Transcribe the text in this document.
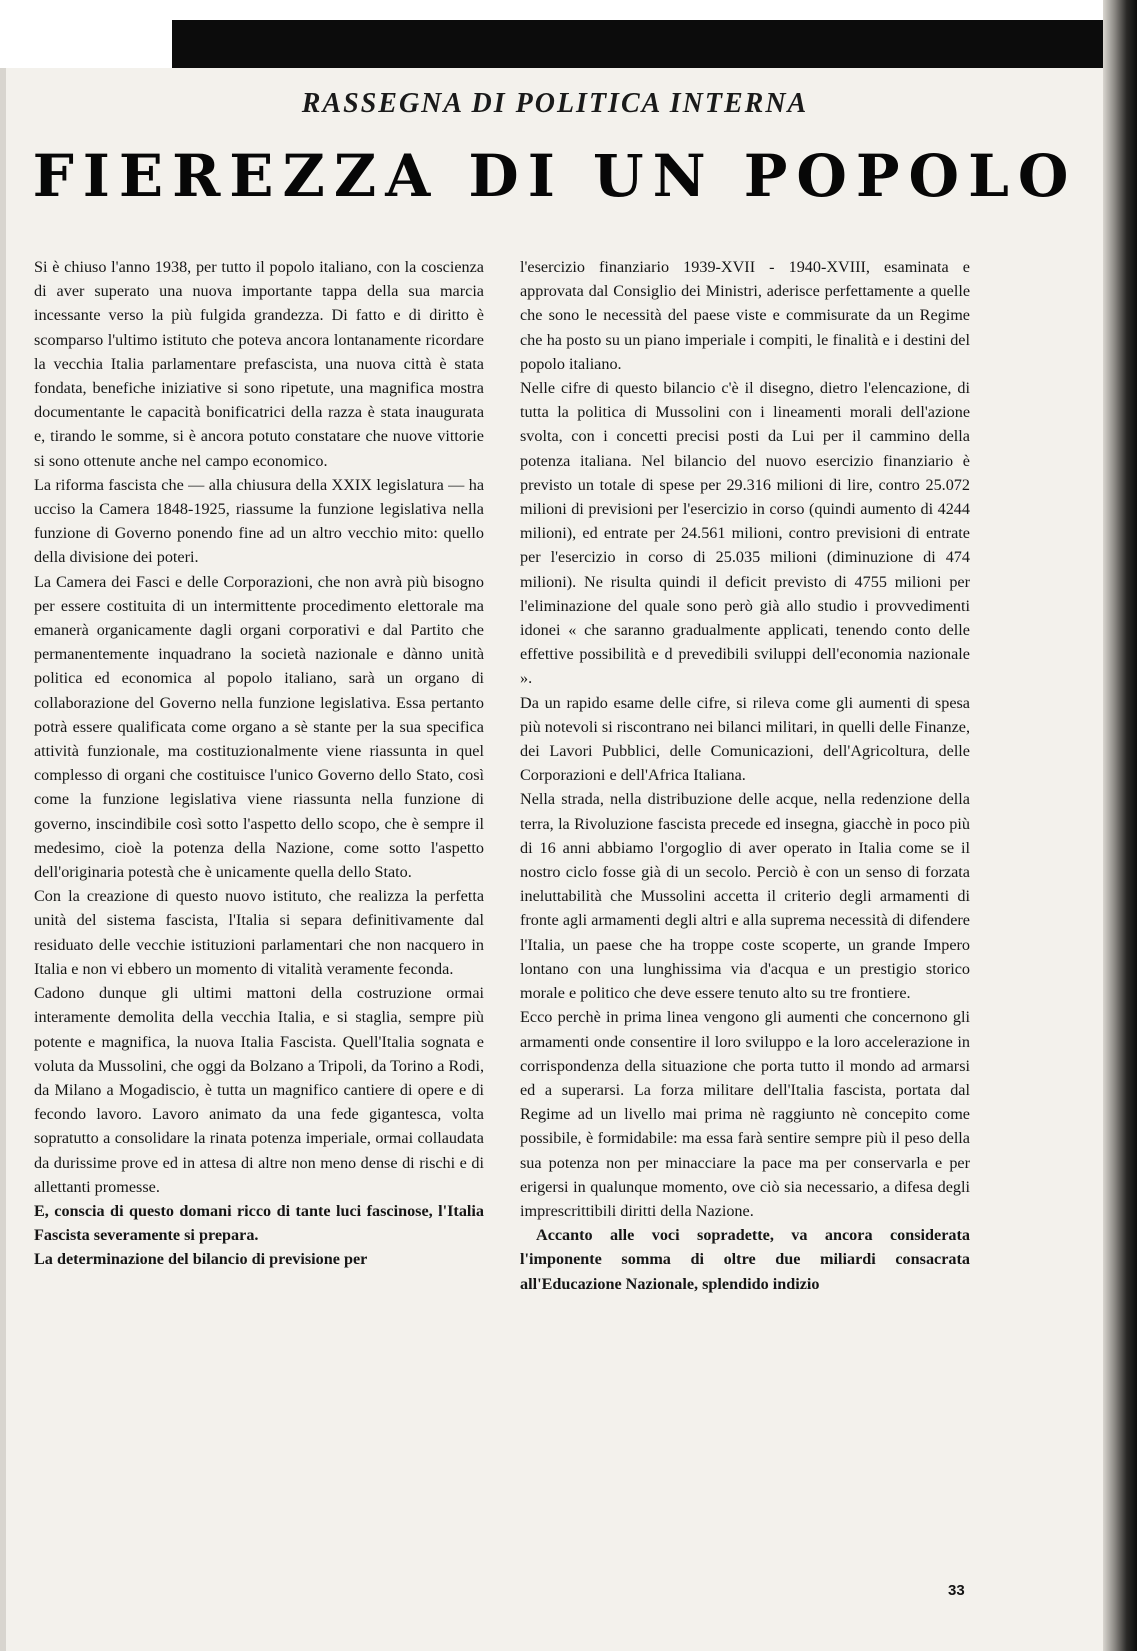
RASSEGNA DI POLITICA INTERNA
FIEREZZA DI UN POPOLO

Si è chiuso l'anno 1938, per tutto il popolo italiano, con la coscienza di aver superato una nuova importante tappa della sua marcia incessante verso la più fulgida grandezza. Di fatto e di diritto è scomparso l'ultimo istituto che poteva ancora lontanamente ricordare la vecchia Italia parlamentare prefascista, una nuova città è stata fondata, benefiche iniziative si sono ripetute, una magnifica mostra documentante le capacità bonificatrici della razza è stata inaugurata e, tirando le somme, si è ancora potuto constatare che nuove vittorie si sono ottenute anche nel campo economico.

La riforma fascista che — alla chiusura della XXIX legislatura — ha ucciso la Camera 1848-1925, riassume la funzione legislativa nella funzione di Governo ponendo fine ad un altro vecchio mito: quello della divisione dei poteri.

La Camera dei Fasci e delle Corporazioni, che non avrà più bisogno per essere costituita di un intermittente procedimento elettorale ma emanerà organicamente dagli organi corporativi e dal Partito che permanentemente inquadrano la società nazionale e dànno unità politica ed economica al popolo italiano, sarà un organo di collaborazione del Governo nella funzione legislativa. Essa pertanto potrà essere qualificata come organo a sè stante per la sua specifica attività funzionale, ma costituzionalmente viene riassunta in quel complesso di organi che costituisce l'unico Governo dello Stato, così come la funzione legislativa viene riassunta nella funzione di governo, inscindibile così sotto l'aspetto dello scopo, che è sempre il medesimo, cioè la potenza della Nazione, come sotto l'aspetto dell'originaria potestà che è unicamente quella dello Stato.

Con la creazione di questo nuovo istituto, che realizza la perfetta unità del sistema fascista, l'Italia si separa definitivamente dal residuato delle vecchie istituzioni parlamentari che non nacquero in Italia e non vi ebbero un momento di vitalità veramente feconda.

Cadono dunque gli ultimi mattoni della costruzione ormai interamente demolita della vecchia Italia, e si staglia, sempre più potente e magnifica, la nuova Italia Fascista. Quell'Italia sognata e voluta da Mussolini, che oggi da Bolzano a Tripoli, da Torino a Rodi, da Milano a Mogadiscio, è tutta un magnifico cantiere di opere e di fecondo lavoro. Lavoro animato da una fede gigantesca, volta sopratutto a consolidare la rinata potenza imperiale, ormai collaudata da durissime prove ed in attesa di altre non meno dense di rischi e di allettanti promesse.

E, conscia di questo domani ricco di tante luci fascinose, l'Italia Fascista severamente si prepara.

La determinazione del bilancio di previsione per

l'esercizio finanziario 1939-XVII - 1940-XVIII, esaminata e approvata dal Consiglio dei Ministri, aderisce perfettamente a quelle che sono le necessità del paese viste e commisurate da un Regime che ha posto su un piano imperiale i compiti, le finalità e i destini del popolo italiano.

Nelle cifre di questo bilancio c'è il disegno, dietro l'elencazione, di tutta la politica di Mussolini con i lineamenti morali dell'azione svolta, con i concetti precisi posti da Lui per il cammino della potenza italiana. Nel bilancio del nuovo esercizio finanziario è previsto un totale di spese per 29.316 milioni di lire, contro 25.072 milioni di previsioni per l'esercizio in corso (quindi aumento di 4244 milioni), ed entrate per 24.561 milioni, contro previsioni di entrate per l'esercizio in corso di 25.035 milioni (diminuzione di 474 milioni). Ne risulta quindi il deficit previsto di 4755 milioni per l'eliminazione del quale sono però già allo studio i provvedimenti idonei « che saranno gradualmente applicati, tenendo conto delle effettive possibilità e d prevedibili sviluppi dell'economia nazionale ».

Da un rapido esame delle cifre, si rileva come gli aumenti di spesa più notevoli si riscontrano nei bilanci militari, in quelli delle Finanze, dei Lavori Pubblici, delle Comunicazioni, dell'Agricoltura, delle Corporazioni e dell'Africa Italiana.

Nella strada, nella distribuzione delle acque, nella redenzione della terra, la Rivoluzione fascista precede ed insegna, giacchè in poco più di 16 anni abbiamo l'orgoglio di aver operato in Italia come se il nostro ciclo fosse già di un secolo. Perciò è con un senso di forzata ineluttabilità che Mussolini accetta il criterio degli armamenti di fronte agli armamenti degli altri e alla suprema necessità di difendere l'Italia, un paese che ha troppe coste scoperte, un grande Impero lontano con una lunghissima via d'acqua e un prestigio storico morale e politico che deve essere tenuto alto su tre frontiere.

Ecco perchè in prima linea vengono gli aumenti che concernono gli armamenti onde consentire il loro sviluppo e la loro accelerazione in corrispondenza della situazione che porta tutto il mondo ad armarsi ed a superarsi. La forza militare dell'Italia fascista, portata dal Regime ad un livello mai prima nè raggiunto nè concepito come possibile, è formidabile: ma essa farà sentire sempre più il peso della sua potenza non per minacciare la pace ma per conservarla e per erigersi in qualunque momento, ove ciò sia necessario, a difesa degli imprescrittibili diritti della Nazione.

Accanto alle voci sopradette, va ancora considerata l'imponente somma di oltre due miliardi consacrata all'Educazione Nazionale, splendido indizio

33
